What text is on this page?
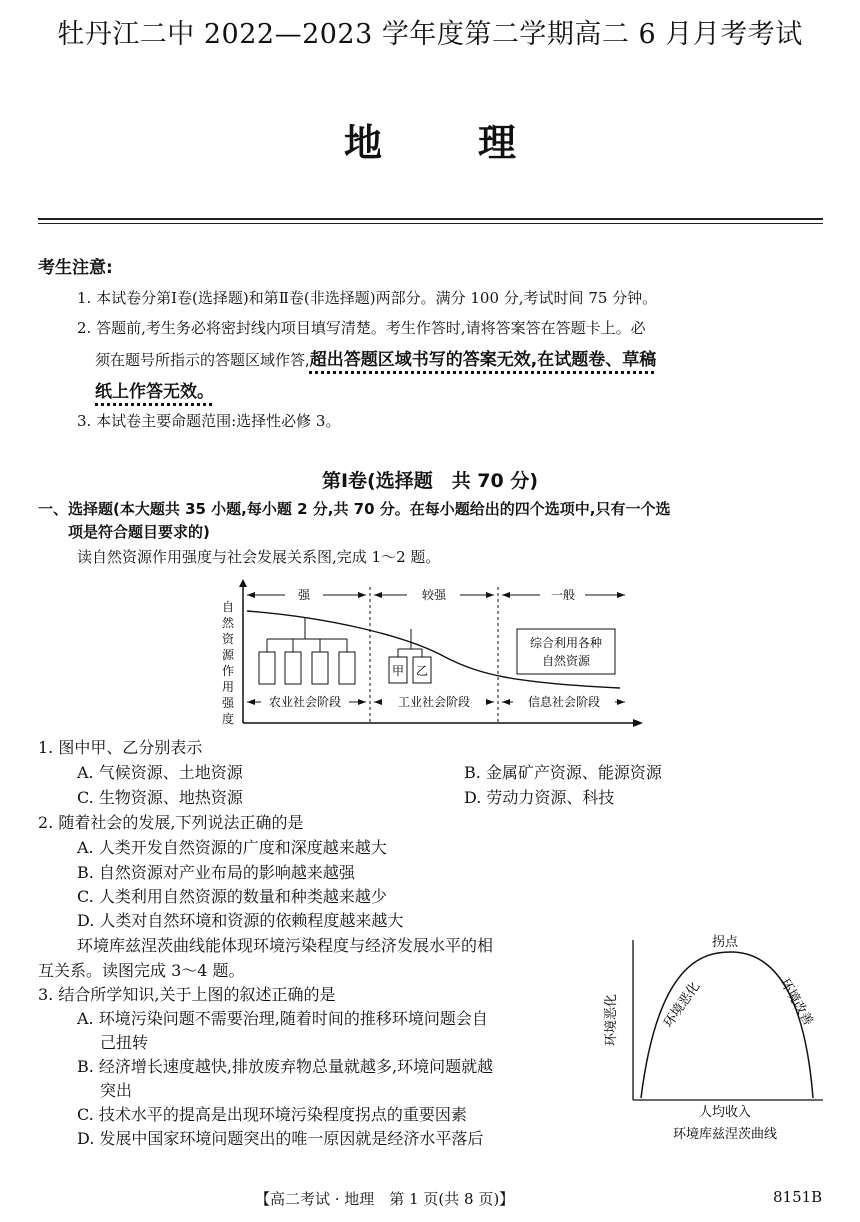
牡丹江二中 2022—2023 学年度第二学期高二 6 月月考考试
地理
考生注意:
1. 本试卷分第Ⅰ卷(选择题)和第Ⅱ卷(非选择题)两部分。满分 100 分,考试时间 75 分钟。
2. 答题前,考生务必将密封线内项目填写清楚。考生作答时,请将答案答在答题卡上。必
须在题号所指示的答题区域作答,超出答题区域书写的答案无效,在试题卷、草稿
纸上作答无效。
3. 本试卷主要命题范围:选择性必修 3。
第Ⅰ卷(选择题　共 70 分)
一、选择题(本大题共 35 小题,每小题 2 分,共 70 分。在每小题给出的四个选项中,只有一个选
项是符合题目要求的)
读自然资源作用强度与社会发展关系图,完成 1～2 题。
自
然
资
源
作
用
强
度
强	较强	一般
甲 乙
综合利用各种
自然资源
农业社会阶段	工业社会阶段	信息社会阶段
1. 图中甲、乙分别表示
A. 气候资源、土地资源	B. 金属矿产资源、能源资源
C. 生物资源、地热资源	D. 劳动力资源、科技
2. 随着社会的发展,下列说法正确的是
A. 人类开发自然资源的广度和深度越来越大
B. 自然资源对产业布局的影响越来越强
C. 人类利用自然资源的数量和种类越来越少
D. 人类对自然环境和资源的依赖程度越来越大
环境库兹涅茨曲线能体现环境污染程度与经济发展水平的相
互关系。读图完成 3～4 题。
3. 结合所学知识,关于上图的叙述正确的是
A. 环境污染问题不需要治理,随着时间的推移环境问题会自
己扭转
B. 经济增长速度越快,排放废弃物总量就越多,环境问题就越
突出
C. 技术水平的提高是出现环境污染程度拐点的重要因素
D. 发展中国家环境问题突出的唯一原因就是经济水平落后
环境恶化
拐点
环境恶化	环境改善
人均收入
环境库兹涅茨曲线
【高二考试 · 地理　第 1 页(共 8 页)】	8151B
